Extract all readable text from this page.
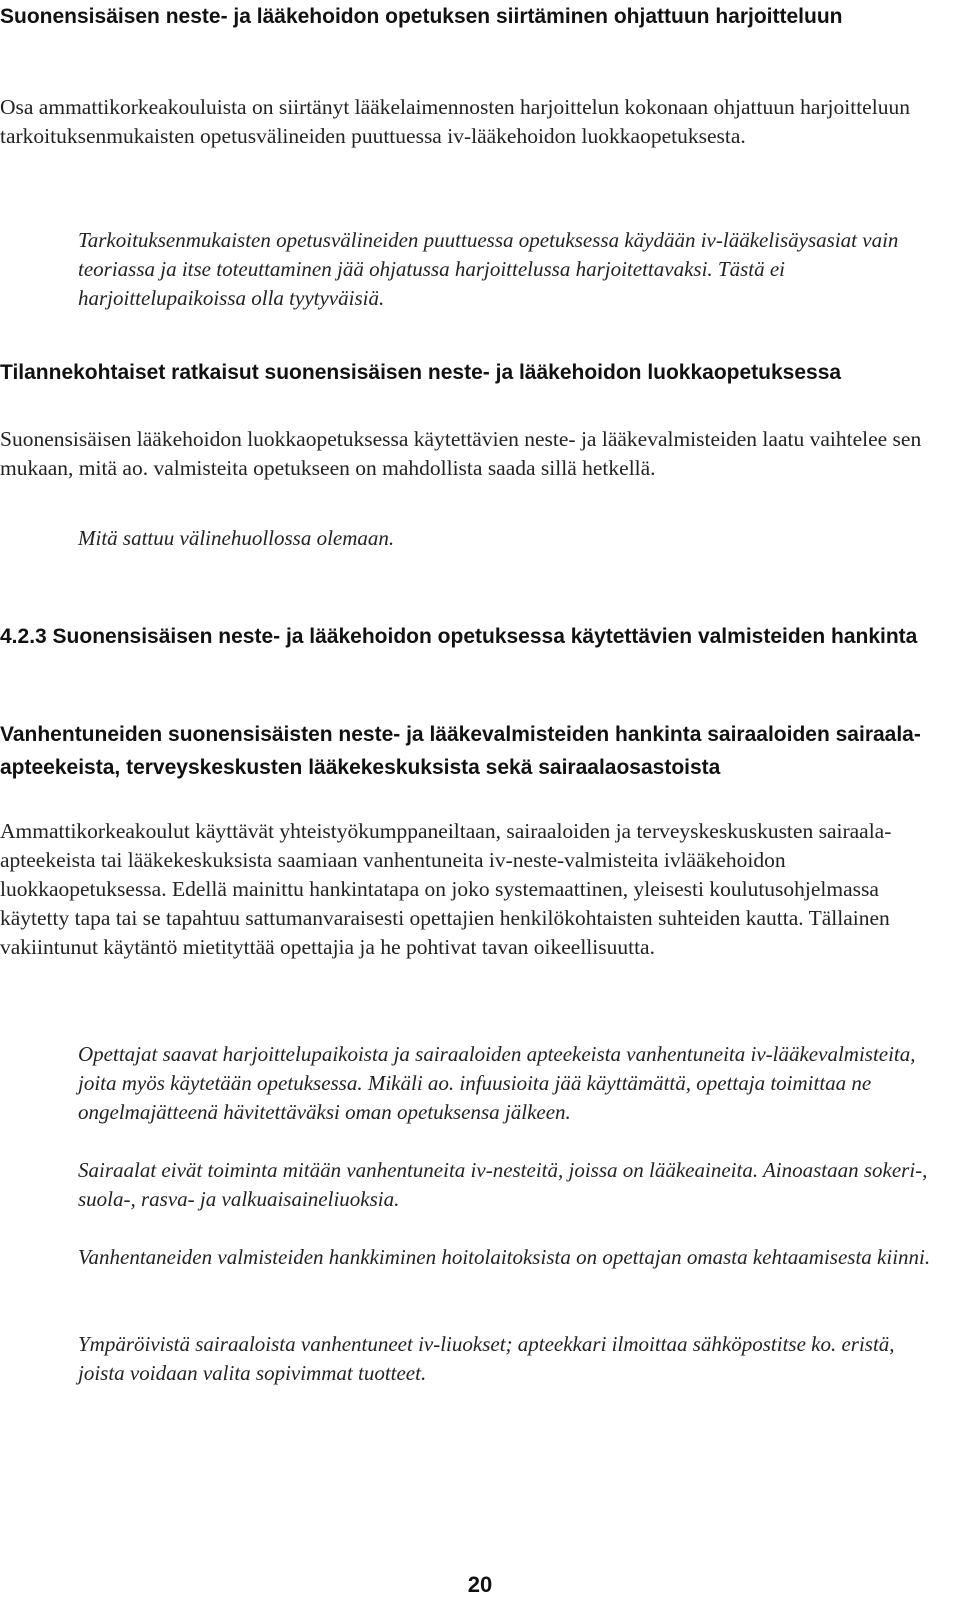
Suonensisäisen neste- ja lääkehoidon opetuksen siirtäminen ohjattuun harjoitteluun

Osa ammattikorkeakouluista on siirtänyt lääkelaimennosten harjoittelun kokonaan ohjattuun harjoitteluun tarkoituksenmukaisten opetusvälineiden puuttuessa iv-lääkehoidon luokkaopetuksesta.

Tarkoituksenmukaisten opetusvälineiden puuttuessa opetuksessa käydään iv-lääkelisäysasiat vain teoriassa ja itse toteuttaminen jää ohjatussa harjoittelussa harjoitettavaksi. Tästä ei harjoittelupaikoissa olla tyytyväisiä.

Tilannekohtaiset ratkaisut suonensisäisen neste- ja lääkehoidon luokkaopetuksessa

Suonensisäisen lääkehoidon luokkaopetuksessa käytettävien neste- ja lääkevalmisteiden laatu vaihtelee sen mukaan, mitä ao. valmisteita opetukseen on mahdollista saada sillä hetkellä.

Mitä sattuu välinehuollossa olemaan.

4.2.3 Suonensisäisen neste- ja lääkehoidon opetuksessa käytettävien valmisteiden hankinta

Vanhentuneiden suonensisäisten neste- ja lääkevalmisteiden hankinta sairaaloiden sairaala-apteekeista, terveyskeskusten lääkekeskuksista sekä sairaalaosastoista

Ammattikorkeakoulut käyttävät yhteistyökumppaneiltaan, sairaaloiden ja terveyskeskuskusten sairaala-apteekeista tai lääkekeskuksista saamiaan vanhentuneita iv-neste-valmisteita ivlääkehoidon luokkaopetuksessa. Edellä mainittu hankintatapa on joko systemaattinen, yleisesti koulutusohjelmassa käytetty tapa tai se tapahtuu sattumanvaraisesti opettajien henkilökohtaisten suhteiden kautta. Tällainen vakiintunut käytäntö mietityttää opettajia ja he pohtivat tavan oikeellisuutta.

Opettajat saavat harjoittelupaikoista ja sairaaloiden apteekeista vanhentuneita iv-lääkevalmisteita, joita myös käytetään opetuksessa. Mikäli ao. infuusioita jää käyttämättä, opettaja toimittaa ne ongelmajätteenä hävitettäväksi oman opetuksensa jälkeen.

Sairaalat eivät toiminta mitään vanhentuneita iv-nesteitä, joissa on lääkeaineita. Ainoastaan sokeri-, suola-, rasva- ja valkuaisaineliuoksia.

Vanhentaneiden valmisteiden hankkiminen hoitolaitoksista on opettajan omasta kehtaamisesta kiinni.

Ympäröivistä sairaaloista vanhentuneet iv-liuokset; apteekkari ilmoittaa sähköpostitse ko. eristä, joista voidaan valita sopivimmat tuotteet.

20
